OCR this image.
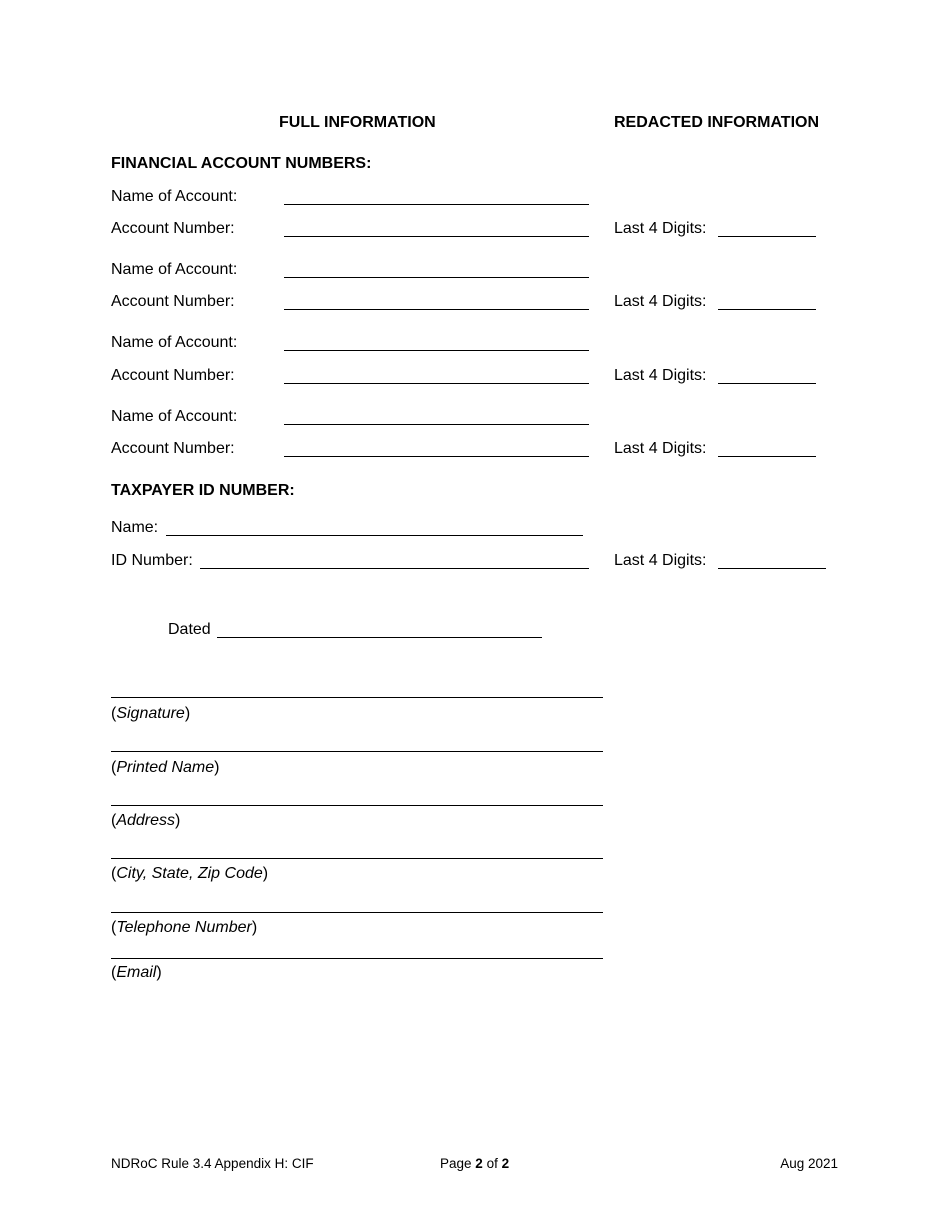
FULL INFORMATION	REDACTED INFORMATION
FINANCIAL ACCOUNT NUMBERS:
Name of Account:
Account Number:	Last 4 Digits:
Name of Account:
Account Number:	Last 4 Digits:
Name of Account:
Account Number:	Last 4 Digits:
Name of Account:
Account Number:	Last 4 Digits:
TAXPAYER ID NUMBER:
Name:
ID Number:	Last 4 Digits:
Dated
(Signature)
(Printed Name)
(Address)
(City, State, Zip Code)
(Telephone Number)
(Email)
NDRoC Rule 3.4 Appendix H: CIF	Page 2 of 2	Aug 2021
